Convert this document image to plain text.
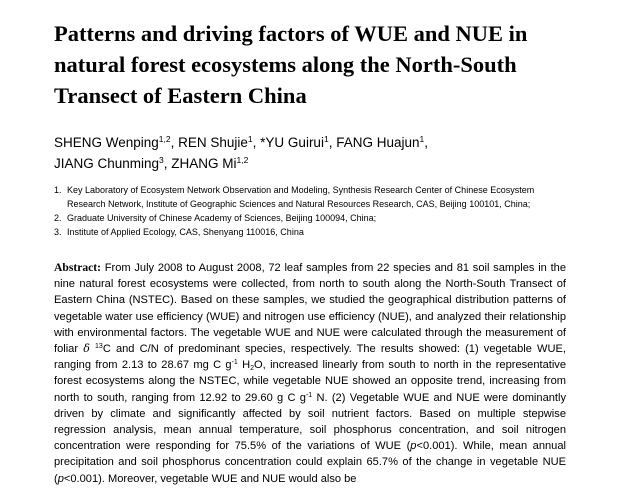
Patterns and driving factors of WUE and NUE in natural forest ecosystems along the North-South Transect of Eastern China
SHENG Wenping$^{1,2}$, REN Shujie$^1$, *YU Guirui$^1$, FANG Huajun$^1$,
JIANG Chunming$^3$, ZHANG Mi$^{1,2}$
1. Key Laboratory of Ecosystem Network Observation and Modeling, Synthesis Research Center of Chinese Ecosystem Research Network, Institute of Geographic Sciences and Natural Resources Research, CAS, Beijing 100101, China;
2. Graduate University of Chinese Academy of Sciences, Beijing 100094, China;
3. Institute of Applied Ecology, CAS, Shenyang 110016, China
Abstract: From July 2008 to August 2008, 72 leaf samples from 22 species and 81 soil samples in the nine natural forest ecosystems were collected, from north to south along the North-South Transect of Eastern China (NSTEC). Based on these samples, we studied the geographical distribution patterns of vegetable water use efficiency (WUE) and nitrogen use efficiency (NUE), and analyzed their relationship with environmental factors. The vegetable WUE and NUE were calculated through the measurement of foliar δ $^{13}$C and C/N of predominant species, respectively. The results showed: (1) vegetable WUE, ranging from 2.13 to 28.67 mg C $g^{-1}$ $H_2O$, increased linearly from south to north in the representative forest ecosystems along the NSTEC, while vegetable NUE showed an opposite trend, increasing from north to south, ranging from 12.92 to 29.60 g C $g^{-1}$ N. (2) Vegetable WUE and NUE were dominantly driven by climate and significantly affected by soil nutrient factors. Based on multiple stepwise regression analysis, mean annual temperature, soil phosphorus concentration, and soil nitrogen concentration were responding for 75.5% of the variations of WUE (p<0.001). While, mean annual precipitation and soil phosphorus concentration could explain 65.7% of the change in vegetable NUE (p<0.001). Moreover, vegetable WUE and NUE would also be
